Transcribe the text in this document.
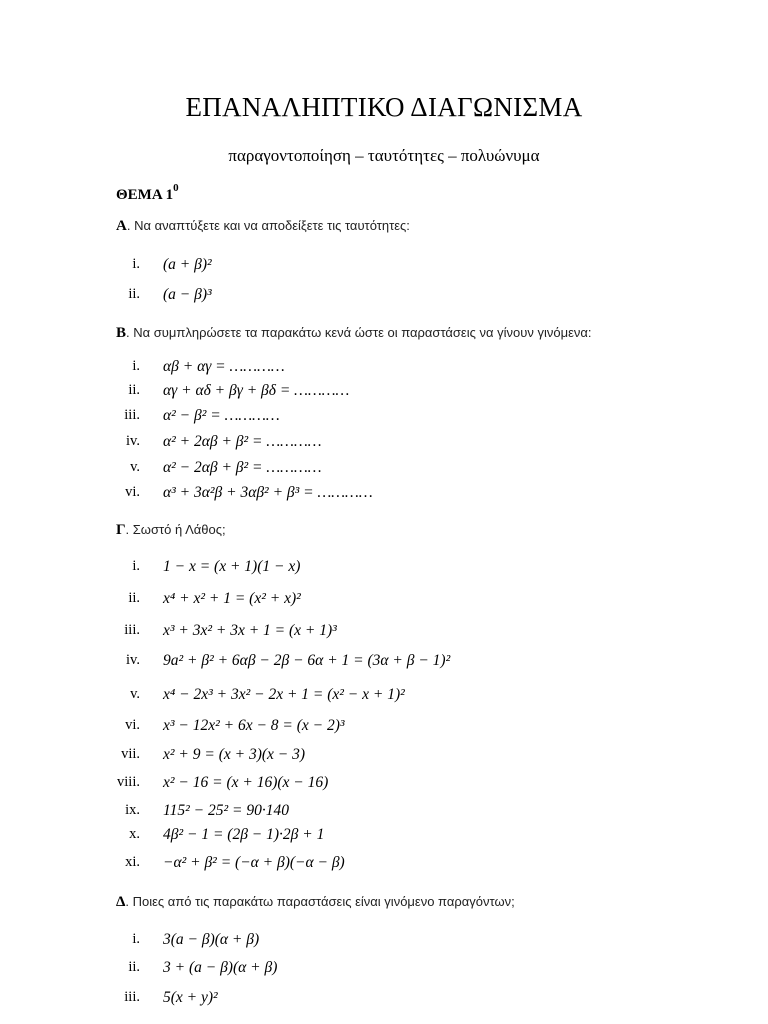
ΕΠΑΝΑΛΗΠΤΙΚΟ ΔΙΑΓΩΝΙΣΜΑ
παραγοντοποίηση – ταυτότητες – πολυώνυμα
ΘΕΜΑ $1^0$
A. Να αναπτύξετε και να αποδείξετε τις ταυτότητες:
i. (a + β)²
ii. (a − β)³
B. Να συμπληρώσετε τα παρακάτω κενά ώστε οι παραστάσεις να γίνουν γινόμενα:
i. αβ + αγ = …………
ii. αγ + αδ + βγ + βδ = …………
iii. α² − β² = …………
iv. α² + 2αβ + β² = …………
v. α² − 2αβ + β² = …………
vi. α³ + 3α²β + 3αβ² + β³ = …………
Γ. Σωστό ή Λάθος;
i. 1 − x = (x + 1)(1 − x)
ii. x⁴ + x² + 1 = (x² + x)²
iii. x³ + 3x² + 3x + 1 = (x + 1)³
iv. 9a² + β² + 6αβ − 2β − 6α + 1 = (3α + β − 1)²
v. x⁴ − 2x³ + 3x² − 2x + 1 = (x² − x + 1)²
vi. x³ − 12x² + 6x − 8 = (x − 2)³
vii. x² + 9 = (x + 3)(x − 3)
viii. x² − 16 = (x + 16)(x − 16)
ix. 115² − 25² = 90·140
x. 4β² − 1 = (2β − 1)·2β + 1
xi. −α² + β² = (−α + β)(−α − β)
Δ. Ποιες από τις παρακάτω παραστάσεις είναι γινόμενο παραγόντων;
i. 3(a − β)(α + β)
ii. 3 + (a − β)(α + β)
iii. 5(x + y)²
